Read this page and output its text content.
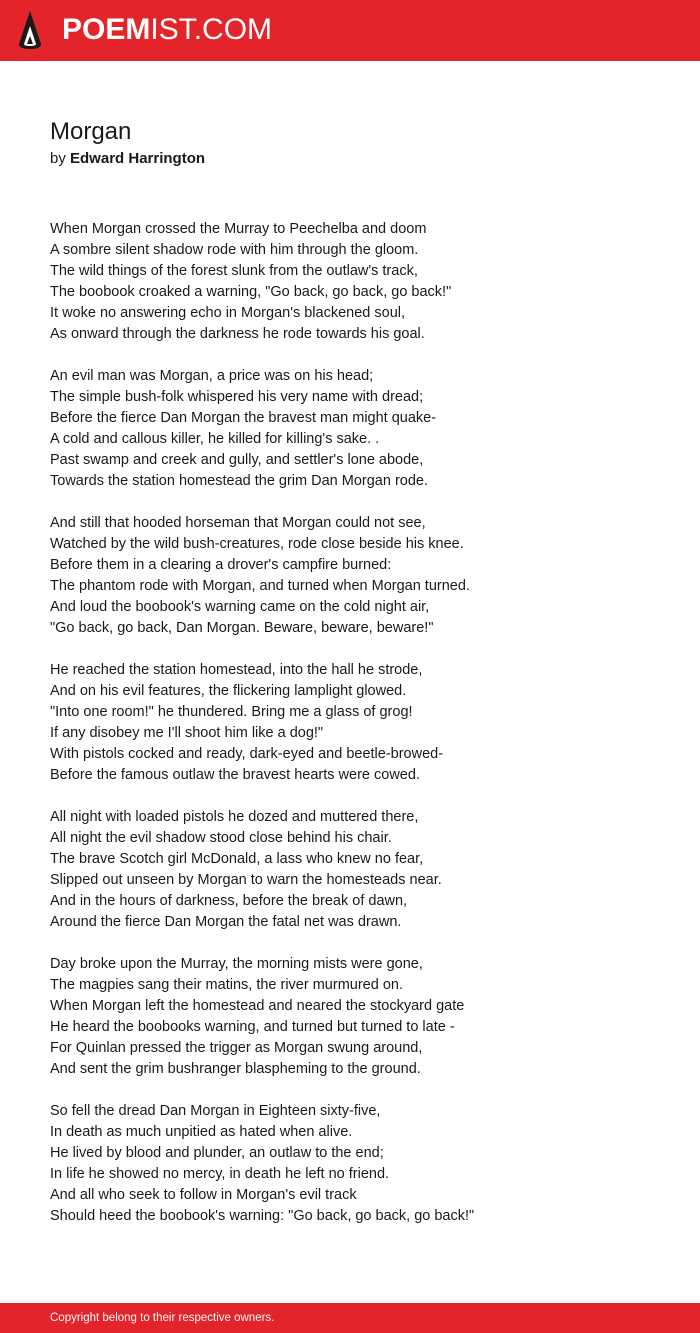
POEMIST.COM
Morgan
by Edward Harrington
When Morgan crossed the Murray to Peechelba and doom
A sombre silent shadow rode with him through the gloom.
The wild things of the forest slunk from the outlaw's track,
The boobook croaked a warning, "Go back, go back, go back!"
It woke no answering echo in Morgan's blackened soul,
As onward through the darkness he rode towards his goal.
An evil man was Morgan, a price was on his head;
The simple bush-folk whispered his very name with dread;
Before the fierce Dan Morgan the bravest man might quake-
A cold and callous killer, he killed for killing's sake. .
Past swamp and creek and gully, and settler's lone abode,
Towards the station homestead the grim Dan Morgan rode.
And still that hooded horseman that Morgan could not see,
Watched by the wild bush-creatures, rode close beside his knee.
Before them in a clearing a drover's campfire burned:
The phantom rode with Morgan, and turned when Morgan turned.
And loud the boobook's warning came on the cold night air,
"Go back, go back, Dan Morgan. Beware, beware, beware!"
He reached the station homestead, into the hall he strode,
And on his evil features, the flickering lamplight glowed.
"Into one room!" he thundered. Bring me a glass of grog!
If any disobey me I'll shoot him like a dog!"
With pistols cocked and ready, dark-eyed and beetle-browed-
Before the famous outlaw the bravest hearts were cowed.
All night with loaded pistols he dozed and muttered there,
All night the evil shadow stood close behind his chair.
The brave Scotch girl McDonald, a lass who knew no fear,
Slipped out unseen by Morgan to warn the homesteads near.
And in the hours of darkness, before the break of dawn,
Around the fierce Dan Morgan the fatal net was drawn.
Day broke upon the Murray, the morning mists were gone,
The magpies sang their matins, the river murmured on.
When Morgan left the homestead and neared the stockyard gate
He heard the boobooks warning, and turned but turned to late -
For Quinlan pressed the trigger as Morgan swung around,
And sent the grim bushranger blaspheming to the ground.
So fell the dread Dan Morgan in Eighteen sixty-five,
In death as much unpitied as hated when alive.
He lived by blood and plunder, an outlaw to the end;
In life he showed no mercy, in death he left no friend.
And all who seek to follow in Morgan's evil track
Should heed the boobook's warning: "Go back, go back, go back!"
Copyright belong to their respective owners.
